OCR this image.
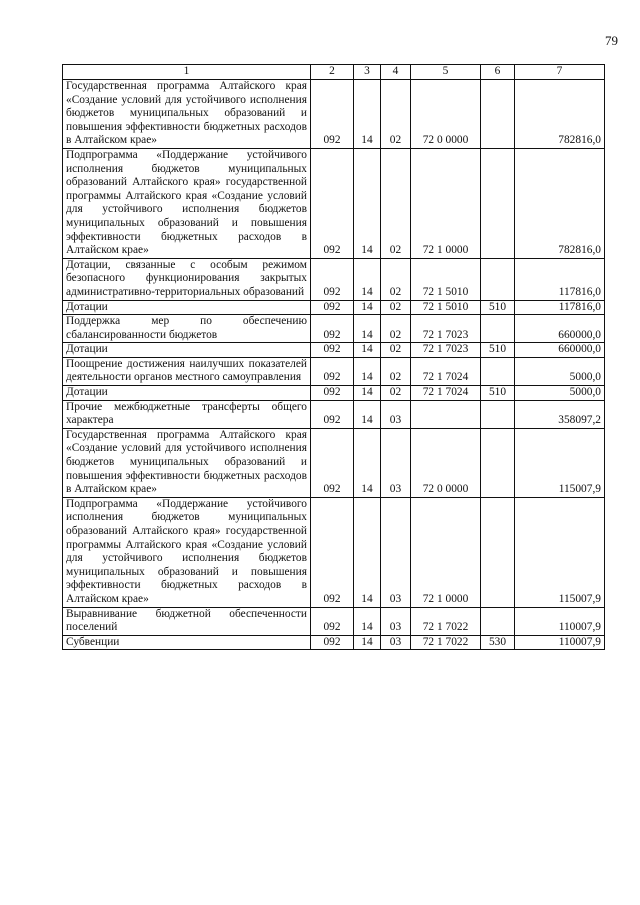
79
1	2	3	4	5	6	7
Государственная программа Алтайского края «Создание условий для устойчивого исполнения бюджетов муниципальных образований и повышения эффективности бюджетных расходов в Алтайском крае»	092	14	02	72 0 0000		782816,0
Подпрограмма «Поддержание устойчивого исполнения бюджетов муниципальных образований Алтайского края» государственной программы Алтайского края «Создание условий для устойчивого исполнения бюджетов муниципальных образований и повышения эффективности бюджетных расходов в Алтайском крае»	092	14	02	72 1 0000		782816,0
Дотации, связанные с особым режимом безопасного функционирования закрытых административно-территориальных образований	092	14	02	72 1 5010		117816,0
Дотации	092	14	02	72 1 5010	510	117816,0
Поддержка мер по обеспечению сбалансированности бюджетов	092	14	02	72 1 7023		660000,0
Дотации	092	14	02	72 1 7023	510	660000,0
Поощрение достижения наилучших показателей деятельности органов местного самоуправления	092	14	02	72 1 7024		5000,0
Дотации	092	14	02	72 1 7024	510	5000,0
Прочие межбюджетные трансферты общего характера	092	14	03			358097,2
Государственная программа Алтайского края «Создание условий для устойчивого исполнения бюджетов муниципальных образований и повышения эффективности бюджетных расходов в Алтайском крае»	092	14	03	72 0 0000		115007,9
Подпрограмма «Поддержание устойчивого исполнения бюджетов муниципальных образований Алтайского края» государственной программы Алтайского края «Создание условий для устойчивого исполнения бюджетов муниципальных образований и повышения эффективности бюджетных расходов в Алтайском крае»	092	14	03	72 1 0000		115007,9
Выравнивание бюджетной обеспеченности поселений	092	14	03	72 1 7022		110007,9
Субвенции	092	14	03	72 1 7022	530	110007,9
